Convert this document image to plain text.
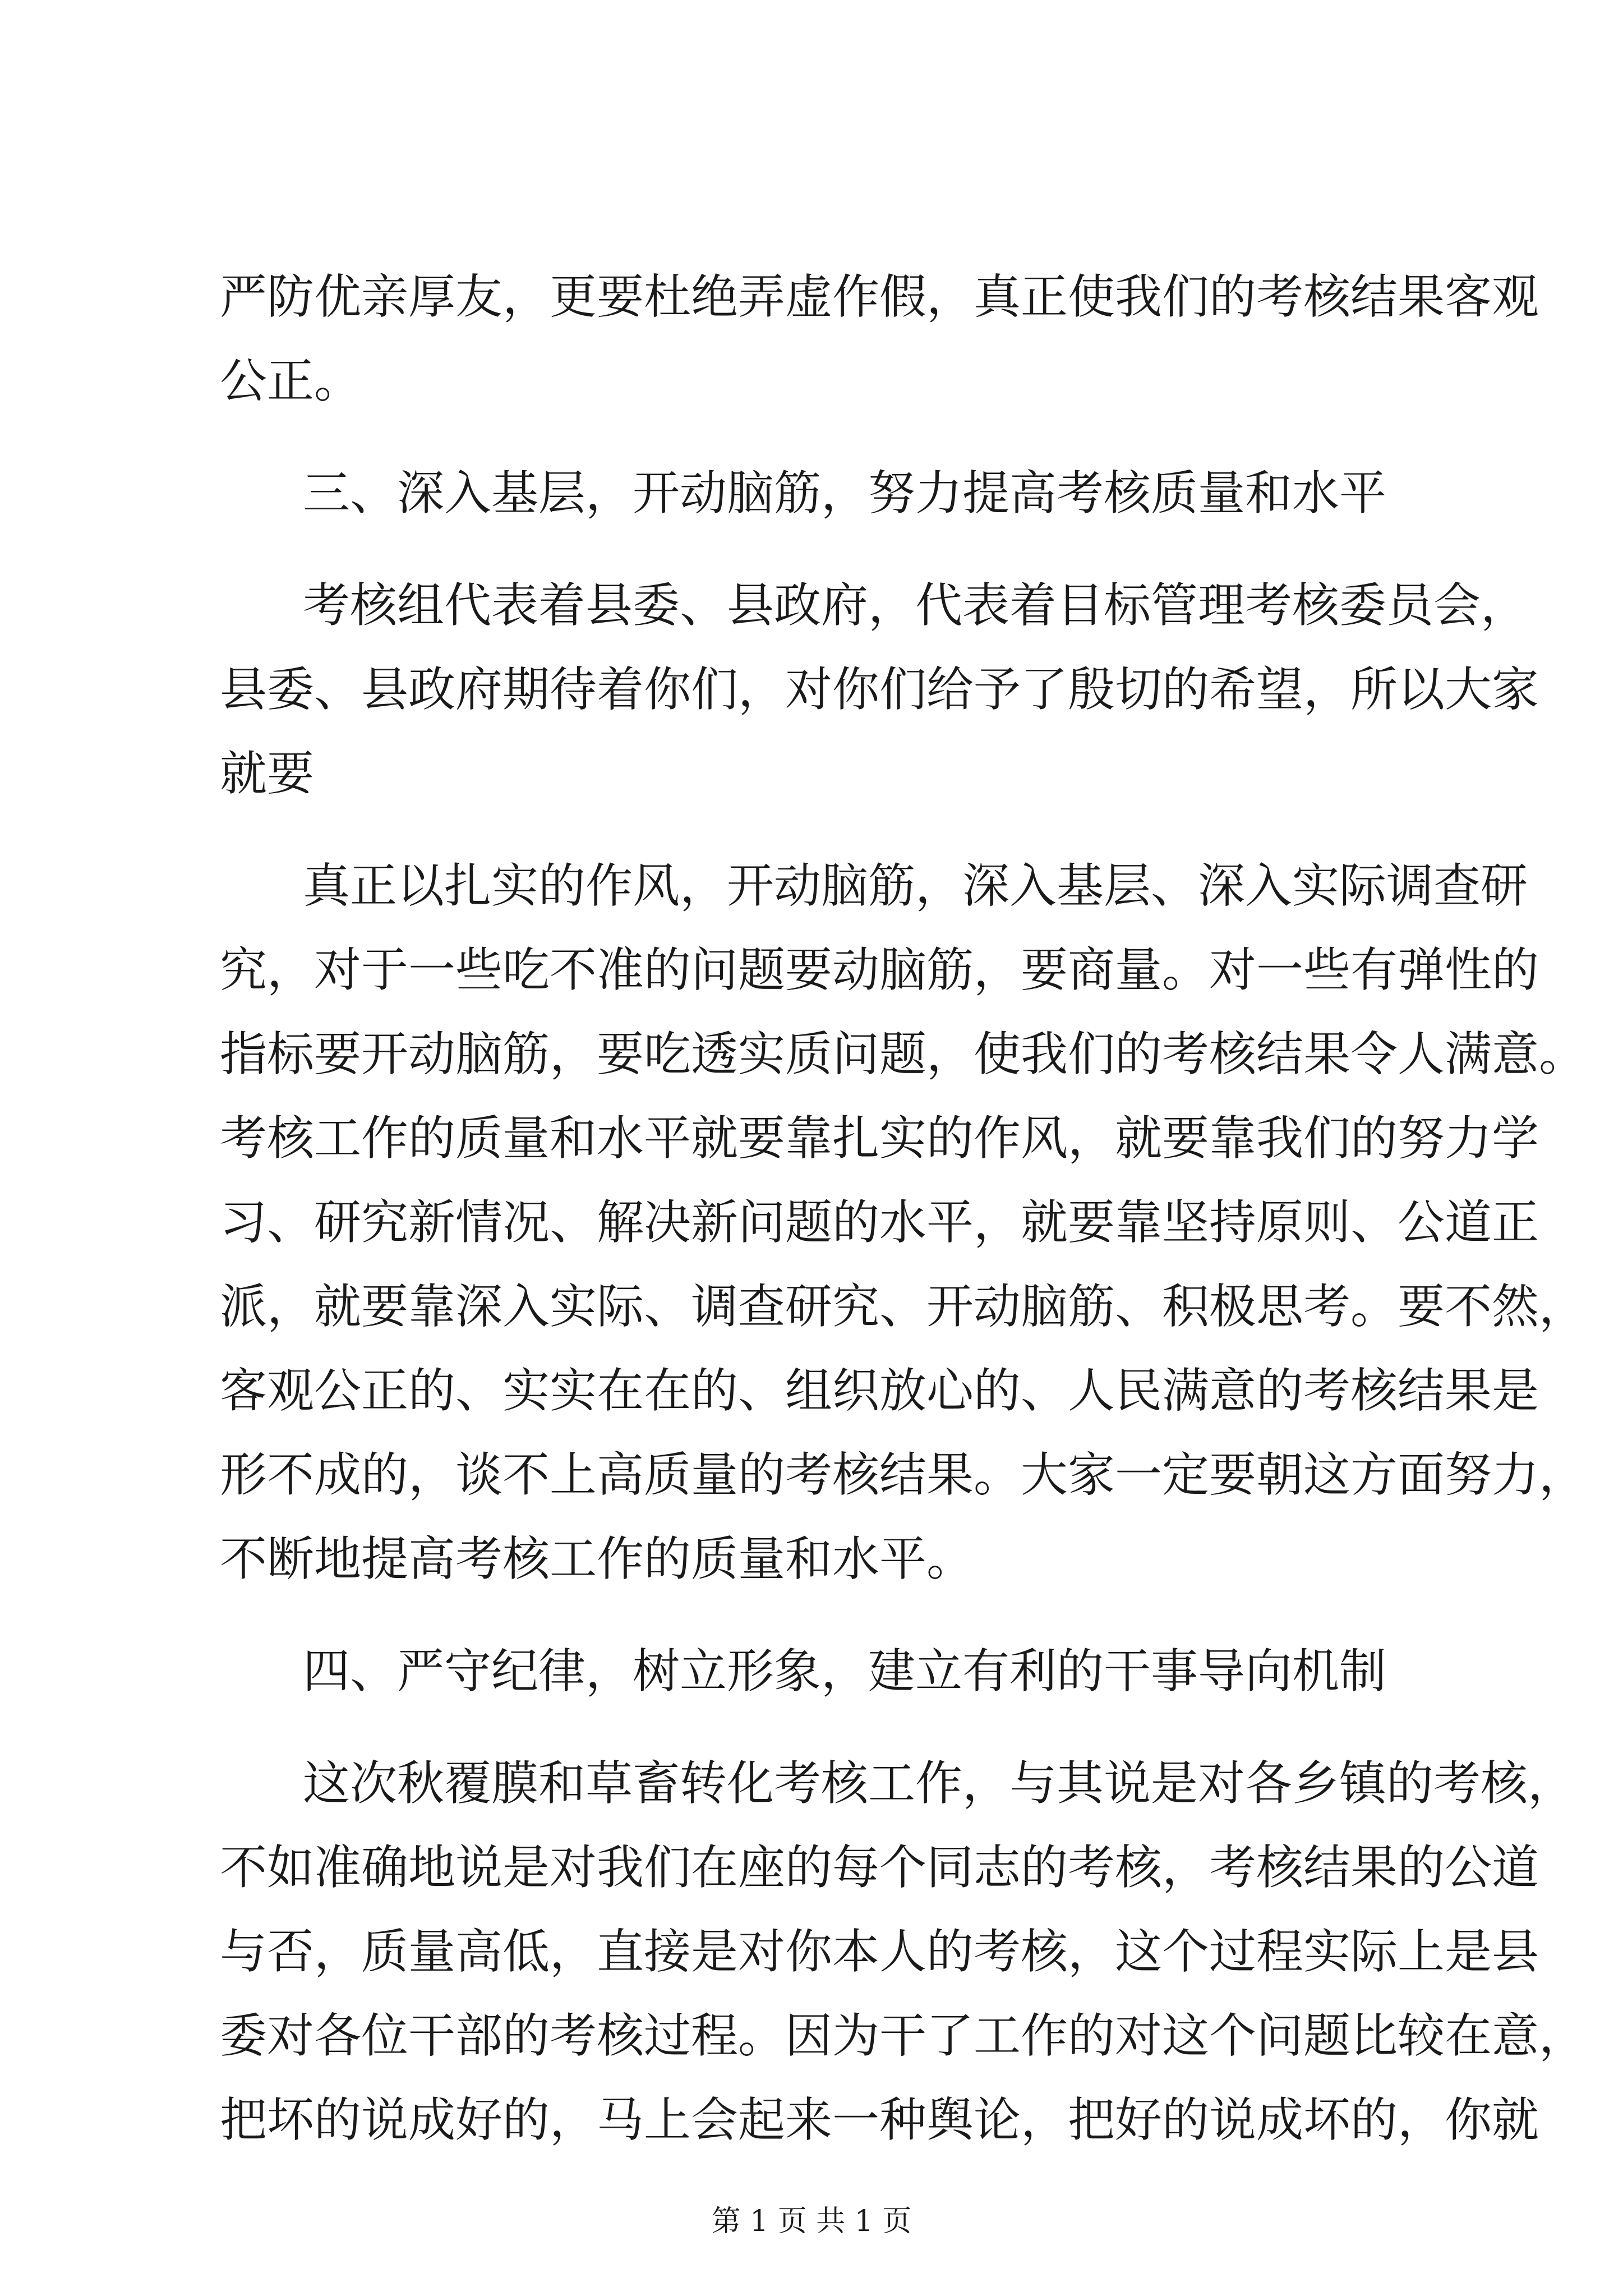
严防优亲厚友，更要杜绝弄虚作假，真正使我们的考核结果客观
公正。
三、深入基层，开动脑筋，努力提高考核质量和水平
考核组代表着县委、县政府，代表着目标管理考核委员会，
县委、县政府期待着你们，对你们给予了殷切的希望，所以大家
就要
真正以扎实的作风，开动脑筋，深入基层、深入实际调查研
究，对于一些吃不准的问题要动脑筋，要商量。对一些有弹性的
指标要开动脑筋，要吃透实质问题，使我们的考核结果令人满意。
考核工作的质量和水平就要靠扎实的作风，就要靠我们的努力学
习、研究新情况、解决新问题的水平，就要靠坚持原则、公道正
派，就要靠深入实际、调查研究、开动脑筋、积极思考。要不然，
客观公正的、实实在在的、组织放心的、人民满意的考核结果是
形不成的，谈不上高质量的考核结果。大家一定要朝这方面努力，
不断地提高考核工作的质量和水平。
四、严守纪律，树立形象，建立有利的干事导向机制
这次秋覆膜和草畜转化考核工作，与其说是对各乡镇的考核，
不如准确地说是对我们在座的每个同志的考核，考核结果的公道
与否，质量高低，直接是对你本人的考核，这个过程实际上是县
委对各位干部的考核过程。因为干了工作的对这个问题比较在意，
把坏的说成好的，马上会起来一种舆论，把好的说成坏的，你就
第 1 页 共 1 页
